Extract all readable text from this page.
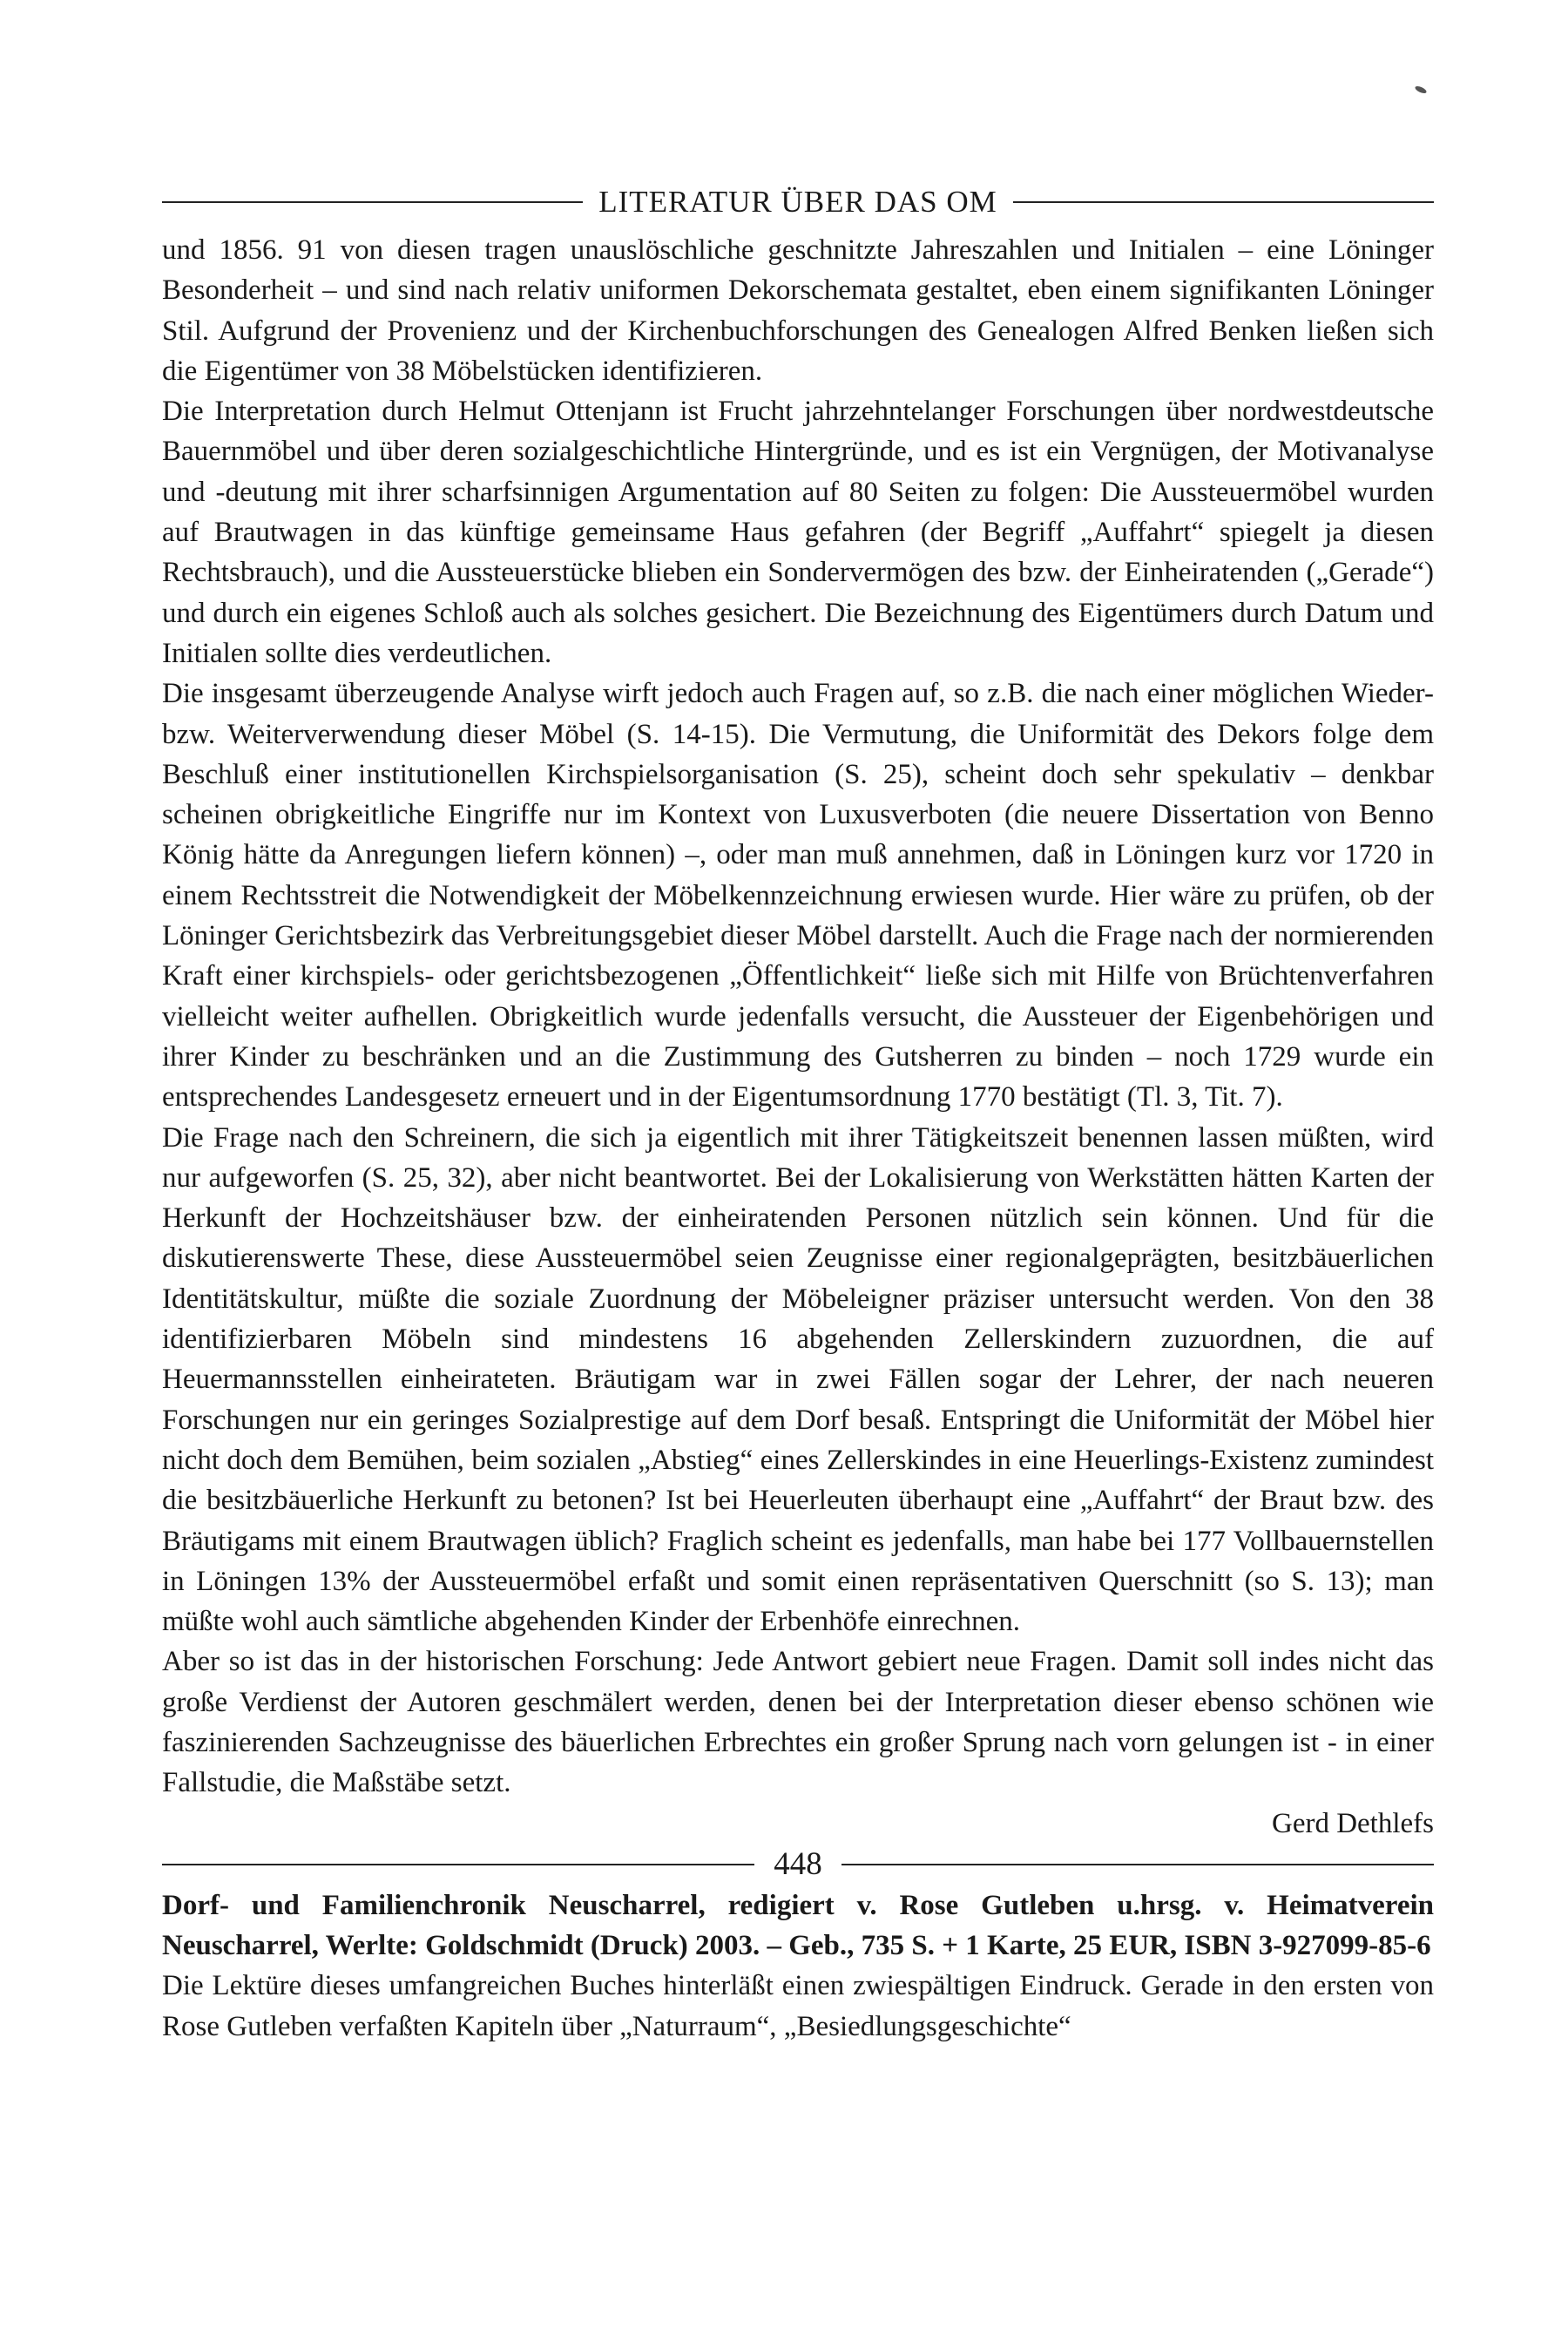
LITERATUR ÜBER DAS OM

und 1856. 91 von diesen tragen unauslöschliche geschnitzte Jahreszahlen und Initialen – eine Löninger Besonderheit – und sind nach relativ uniformen Dekorschemata gestaltet, eben einem signifikanten Löninger Stil. Aufgrund der Provenienz und der Kirchenbuchforschungen des Genealogen Alfred Benken ließen sich die Eigentümer von 38 Möbelstücken identifizieren.

Die Interpretation durch Helmut Ottenjann ist Frucht jahrzehntelanger Forschungen über nordwestdeutsche Bauernmöbel und über deren sozialgeschichtliche Hintergründe, und es ist ein Vergnügen, der Motivanalyse und -deutung mit ihrer scharfsinnigen Argumentation auf 80 Seiten zu folgen: Die Aussteuermöbel wurden auf Brautwagen in das künftige gemeinsame Haus gefahren (der Begriff „Auffahrt“ spiegelt ja diesen Rechtsbrauch), und die Aussteuerstücke blieben ein Sondervermögen des bzw. der Einheiratenden („Gerade“) und durch ein eigenes Schloß auch als solches gesichert. Die Bezeichnung des Eigentümers durch Datum und Initialen sollte dies verdeutlichen.

Die insgesamt überzeugende Analyse wirft jedoch auch Fragen auf, so z.B. die nach einer möglichen Wieder- bzw. Weiterverwendung dieser Möbel (S. 14-15). Die Vermutung, die Uniformität des Dekors folge dem Beschluß einer institutionellen Kirchspielsorganisation (S. 25), scheint doch sehr spekulativ – denkbar scheinen obrigkeitliche Eingriffe nur im Kontext von Luxusverboten (die neuere Dissertation von Benno König hätte da Anregungen liefern können) –, oder man muß annehmen, daß in Löningen kurz vor 1720 in einem Rechtsstreit die Notwendigkeit der Möbelkennzeichnung erwiesen wurde. Hier wäre zu prüfen, ob der Löninger Gerichtsbezirk das Verbreitungsgebiet dieser Möbel darstellt. Auch die Frage nach der normierenden Kraft einer kirchspiels- oder gerichtsbezogenen „Öffentlichkeit“ ließe sich mit Hilfe von Brüchtenverfahren vielleicht weiter aufhellen. Obrigkeitlich wurde jedenfalls versucht, die Aussteuer der Eigenbehörigen und ihrer Kinder zu beschränken und an die Zustimmung des Gutsherren zu binden – noch 1729 wurde ein entsprechendes Landesgesetz erneuert und in der Eigentumsordnung 1770 bestätigt (Tl. 3, Tit. 7).

Die Frage nach den Schreinern, die sich ja eigentlich mit ihrer Tätigkeitszeit benennen lassen müßten, wird nur aufgeworfen (S. 25, 32), aber nicht beantwortet. Bei der Lokalisierung von Werkstätten hätten Karten der Herkunft der Hochzeitshäuser bzw. der einheiratenden Personen nützlich sein können. Und für die diskutierenswerte These, diese Aussteuermöbel seien Zeugnisse einer regionalgeprägten, besitzbäuerlichen Identitätskultur, müßte die soziale Zuordnung der Möbeleigner präziser untersucht werden. Von den 38 identifizierbaren Möbeln sind mindestens 16 abgehenden Zellerskindern zuzuordnen, die auf Heuermannsstellen einheirateten. Bräutigam war in zwei Fällen sogar der Lehrer, der nach neueren Forschungen nur ein geringes Sozialprestige auf dem Dorf besaß. Entspringt die Uniformität der Möbel hier nicht doch dem Bemühen, beim sozialen „Abstieg“ eines Zellerskindes in eine Heuerlings-Existenz zumindest die besitzbäuerliche Herkunft zu betonen? Ist bei Heuerleuten überhaupt eine „Auffahrt“ der Braut bzw. des Bräutigams mit einem Brautwagen üblich? Fraglich scheint es jedenfalls, man habe bei 177 Vollbauernstellen in Löningen 13% der Aussteuermöbel erfaßt und somit einen repräsentativen Querschnitt (so S. 13); man müßte wohl auch sämtliche abgehenden Kinder der Erbenhöfe einrechnen.

Aber so ist das in der historischen Forschung: Jede Antwort gebiert neue Fragen. Damit soll indes nicht das große Verdienst der Autoren geschmälert werden, denen bei der Interpretation dieser ebenso schönen wie faszinierenden Sachzeugnisse des bäuerlichen Erbrechtes ein großer Sprung nach vorn gelungen ist - in einer Fallstudie, die Maßstäbe setzt.

Gerd Dethlefs
Dorf- und Familienchronik Neuscharrel, redigiert v. Rose Gutleben u.hrsg. v. Heimatverein Neuscharrel, Werlte: Goldschmidt (Druck) 2003. – Geb., 735 S. + 1 Karte, 25 EUR, ISBN 3-927099-85-6

Die Lektüre dieses umfangreichen Buches hinterläßt einen zwiespältigen Eindruck. Gerade in den ersten von Rose Gutleben verfaßten Kapiteln über „Naturraum“, „Besiedlungsgeschichte“

448
